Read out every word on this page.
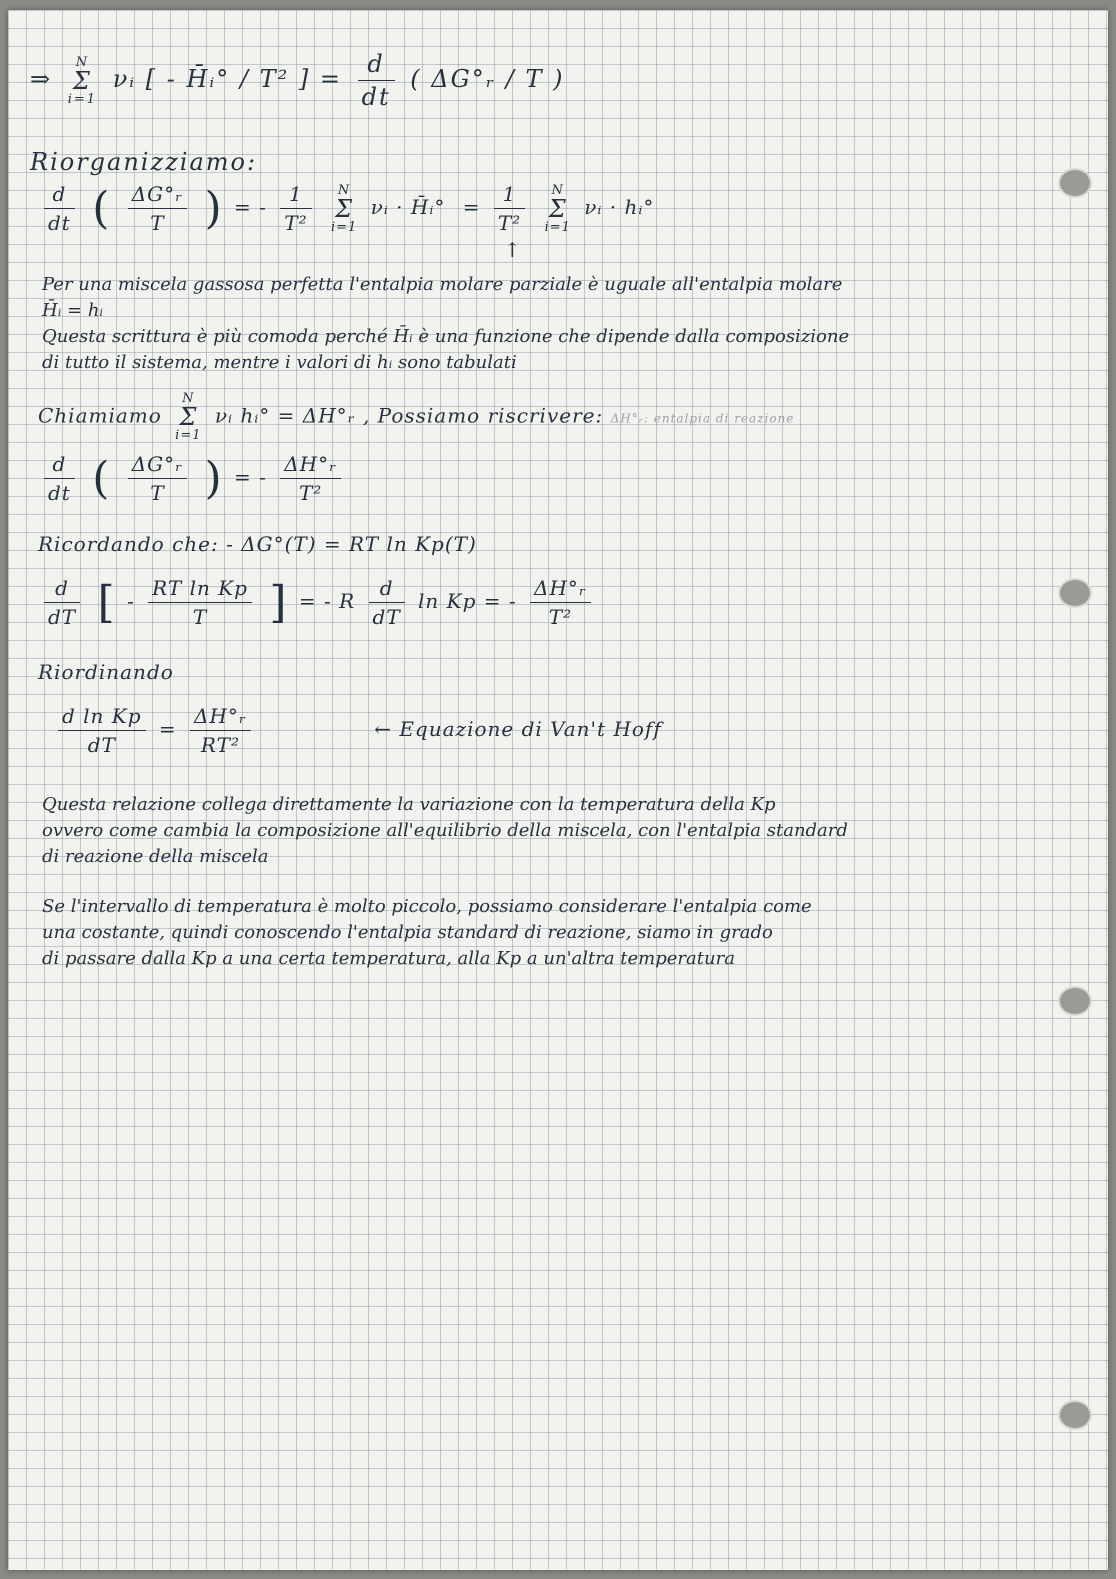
⇒ N
Σ
i=1 νᵢ [ - H̄ᵢ° / T² ] = $\frac{d}{dt}$ ( ΔG°ᵣ / T )
Riorganizziamo:
$\frac{d}{dt}$ ( $\frac{\text{ΔG°ᵣ}}{T}$ ) = - $\frac{1}{\text{T²}}$ N
Σ
i=1 νᵢ · H̄ᵢ° = $\frac{1}{\text{T²}}$ N
Σ
i=1 νᵢ · hᵢ°
↑
Per una miscela gassosa perfetta l'entalpia molare parziale è uguale all'entalpia molare
H̄ᵢ = hᵢ
Questa scrittura è più comoda perché H̄ᵢ è una funzione che dipende dalla composizione
di tutto il sistema, mentre i valori di hᵢ sono tabulati
Chiamiamo N
Σ
i=1 νᵢ hᵢ° = ΔH°ᵣ , Possiamo riscrivere: ΔH°ᵣ: entalpia di reazione
$\frac{d}{dt}$ ( $\frac{\text{ΔG°ᵣ}}{T}$ ) = - $\frac{\text{ΔH°ᵣ}}{\text{T²}}$
Ricordando che: - ΔG°(T) = RT ln Kp(T)
$\frac{d}{dT}$ [ - $\frac{\text{RT ln Kp}}{T}$ ] = - R $\frac{d}{dT}$ ln Kp = - $\frac{\text{ΔH°ᵣ}}{\text{T²}}$
Riordinando
$\frac{\text{d ln Kp}}{dT} = \frac{\text{ΔH°ᵣ}}{\text{RT²}}$	← Equazione di Van't Hoff
Questa relazione collega direttamente la variazione con la temperatura della Kp
ovvero come cambia la composizione all'equilibrio della miscela, con l'entalpia standard
di reazione della miscela
Se l'intervallo di temperatura è molto piccolo, possiamo considerare l'entalpia come
una costante, quindi conoscendo l'entalpia standard di reazione, siamo in grado
di passare dalla Kp a una certa temperatura, alla Kp a un'altra temperatura
